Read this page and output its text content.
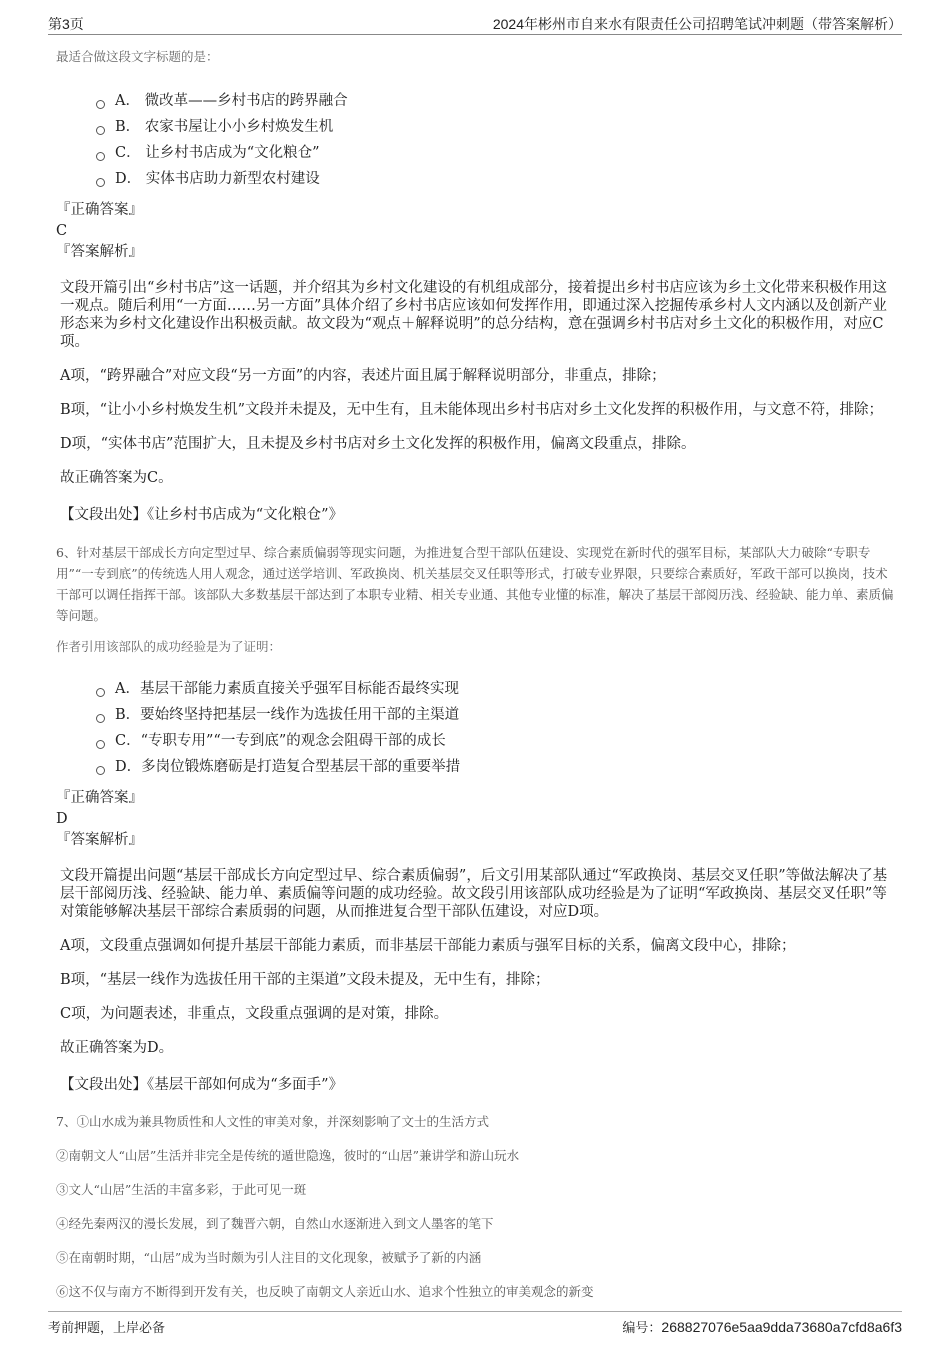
第3页	2024年彬州市自来水有限责任公司招聘笔试冲刺题（带答案解析）
最适合做这段文字标题的是：
A． 微改革——乡村书店的跨界融合
B． 农家书屋让小小乡村焕发生机
C． 让乡村书店成为“文化粮仓”
D． 实体书店助力新型农村建设
『正确答案』
C
『答案解析』

文段开篇引出“乡村书店”这一话题，并介绍其为乡村文化建设的有机组成部分，接着提出乡村书店应该为乡土文化带来积极作用这一观点。随后利用“一方面……另一方面”具体介绍了乡村书店应该如何发挥作用，即通过深入挖掘传承乡村人文内涵以及创新产业形态来为乡村文化建设作出积极贡献。故文段为“观点＋解释说明”的总分结构，意在强调乡村书店对乡土文化的积极作用，对应C项。

A项，“跨界融合”对应文段“另一方面”的内容，表述片面且属于解释说明部分，非重点，排除；

B项，“让小小乡村焕发生机”文段并未提及，无中生有，且未能体现出乡村书店对乡土文化发挥的积极作用，与文意不符，排除；

D项，“实体书店”范围扩大，且未提及乡村书店对乡土文化发挥的积极作用，偏离文段重点，排除。

故正确答案为C。

【文段出处】《让乡村书店成为“文化粮仓”》

6、针对基层干部成长方向定型过早、综合素质偏弱等现实问题，为推进复合型干部队伍建设、实现党在新时代的强军目标，某部队大力破除“专职专用”“一专到底”的传统选人用人观念，通过送学培训、军政换岗、机关基层交叉任职等形式，打破专业界限，只要综合素质好，军政干部可以换岗，技术干部可以调任指挥干部。该部队大多数基层干部达到了本职专业精、相关专业通、其他专业懂的标准，解决了基层干部阅历浅、经验缺、能力单、素质偏等问题。

作者引用该部队的成功经验是为了证明：
A．基层干部能力素质直接关乎强军目标能否最终实现
B．要始终坚持把基层一线作为选拔任用干部的主渠道
C．“专职专用”“一专到底”的观念会阻碍干部的成长
D．多岗位锻炼磨砺是打造复合型基层干部的重要举措
『正确答案』
D
『答案解析』

文段开篇提出问题“基层干部成长方向定型过早、综合素质偏弱”，后文引用某部队通过“军政换岗、基层交叉任职”等做法解决了基层干部阅历浅、经验缺、能力单、素质偏等问题的成功经验。故文段引用该部队成功经验是为了证明“军政换岗、基层交叉任职”等对策能够解决基层干部综合素质弱的问题，从而推进复合型干部队伍建设，对应D项。

A项，文段重点强调如何提升基层干部能力素质，而非基层干部能力素质与强军目标的关系，偏离文段中心，排除；

B项，“基层一线作为选拔任用干部的主渠道”文段未提及，无中生有，排除；

C项，为问题表述，非重点，文段重点强调的是对策，排除。

故正确答案为D。

【文段出处】《基层干部如何成为“多面手”》

7、①山水成为兼具物质性和人文性的审美对象，并深刻影响了文士的生活方式

②南朝文人“山居”生活并非完全是传统的遁世隐逸，彼时的“山居”兼讲学和游山玩水

③文人“山居”生活的丰富多彩，于此可见一斑

④经先秦两汉的漫长发展，到了魏晋六朝，自然山水逐渐进入到文人墨客的笔下

⑤在南朝时期，“山居”成为当时颇为引人注目的文化现象，被赋予了新的内涵

⑥这不仅与南方不断得到开发有关，也反映了南朝文人亲近山水、追求个性独立的审美观念的新变

考前押题，上岸必备	编号：268827076e5aa9dda73680a7cfd8a6f3
